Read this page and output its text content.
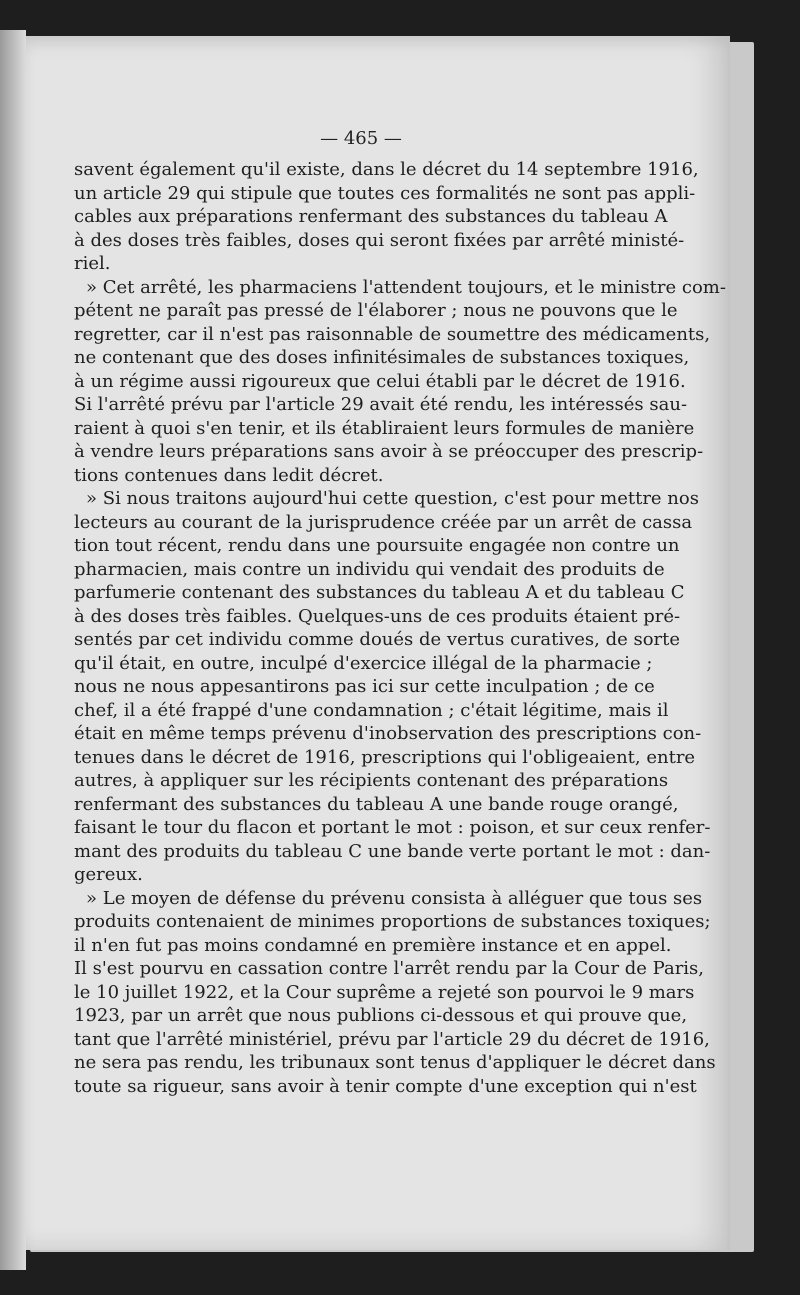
— 465 —
savent également qu'il existe, dans le décret du 14 septembre 1916,
un article 29 qui stipule que toutes ces formalités ne sont pas appli-
cables aux préparations renfermant des substances du tableau A
à des doses très faibles, doses qui seront fixées par arrêté ministé-
riel.
» Cet arrêté, les pharmaciens l'attendent toujours, et le ministre com-
pétent ne paraît pas pressé de l'élaborer ; nous ne pouvons que le
regretter, car il n'est pas raisonnable de soumettre des médicaments,
ne contenant que des doses infinitésimales de substances toxiques,
à un régime aussi rigoureux que celui établi par le décret de 1916.
Si l'arrêté prévu par l'article 29 avait été rendu, les intéressés sau-
raient à quoi s'en tenir, et ils établiraient leurs formules de manière
à vendre leurs préparations sans avoir à se préoccuper des prescrip-
tions contenues dans ledit décret.
» Si nous traitons aujourd'hui cette question, c'est pour mettre nos
lecteurs au courant de la jurisprudence créée par un arrêt de cassa
tion tout récent, rendu dans une poursuite engagée non contre un
pharmacien, mais contre un individu qui vendait des produits de
parfumerie contenant des substances du tableau A et du tableau C
à des doses très faibles. Quelques-uns de ces produits étaient pré-
sentés par cet individu comme doués de vertus curatives, de sorte
qu'il était, en outre, inculpé d'exercice illégal de la pharmacie ;
nous ne nous appesantirons pas ici sur cette inculpation ; de ce
chef, il a été frappé d'une condamnation ; c'était légitime, mais il
était en même temps prévenu d'inobservation des prescriptions con-
tenues dans le décret de 1916, prescriptions qui l'obligeaient, entre
autres, à appliquer sur les récipients contenant des préparations
renfermant des substances du tableau A une bande rouge orangé,
faisant le tour du flacon et portant le mot : poison, et sur ceux renfer-
mant des produits du tableau C une bande verte portant le mot : dan-
gereux.
» Le moyen de défense du prévenu consista à alléguer que tous ses
produits contenaient de minimes proportions de substances toxiques;
il n'en fut pas moins condamné en première instance et en appel.
Il s'est pourvu en cassation contre l'arrêt rendu par la Cour de Paris,
le 10 juillet 1922, et la Cour suprême a rejeté son pourvoi le 9 mars
1923, par un arrêt que nous publions ci-dessous et qui prouve que,
tant que l'arrêté ministériel, prévu par l'article 29 du décret de 1916,
ne sera pas rendu, les tribunaux sont tenus d'appliquer le décret dans
toute sa rigueur, sans avoir à tenir compte d'une exception qui n'est
